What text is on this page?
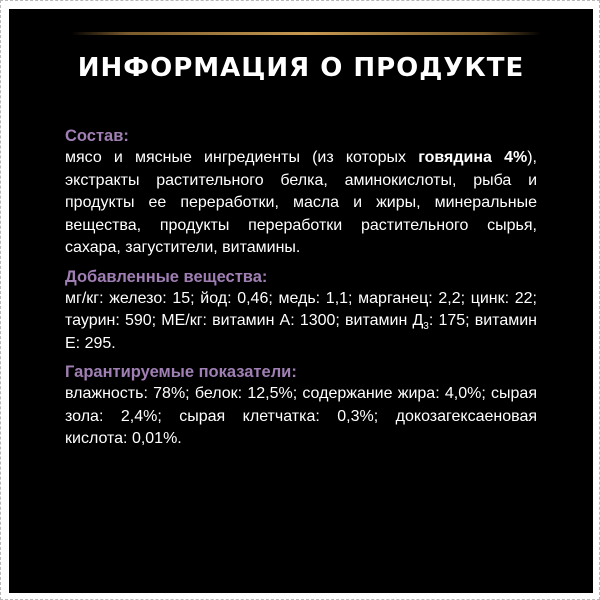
ИНФОРМАЦИЯ О ПРОДУКТЕ
Состав:
мясо и мясные ингредиенты (из которых говядина 4%), экстракты растительного белка, аминокислоты, рыба и продукты ее переработки, масла и жиры, минеральные вещества, продукты переработки растительного сырья, сахара, загустители, витамины.
Добавленные вещества:
мг/кг: железо: 15; йод: 0,46; медь: 1,1; марганец: 2,2; цинк: 22; таурин: 590; МЕ/кг: витамин А: 1300; витамин $Д_3$: 175; витамин Е: 295.
Гарантируемые показатели:
влажность: 78%; белок: 12,5%; содержание жира: 4,0%; сырая зола: 2,4%; сырая клетчатка: 0,3%; докозагексаеновая кислота: 0,01%.
